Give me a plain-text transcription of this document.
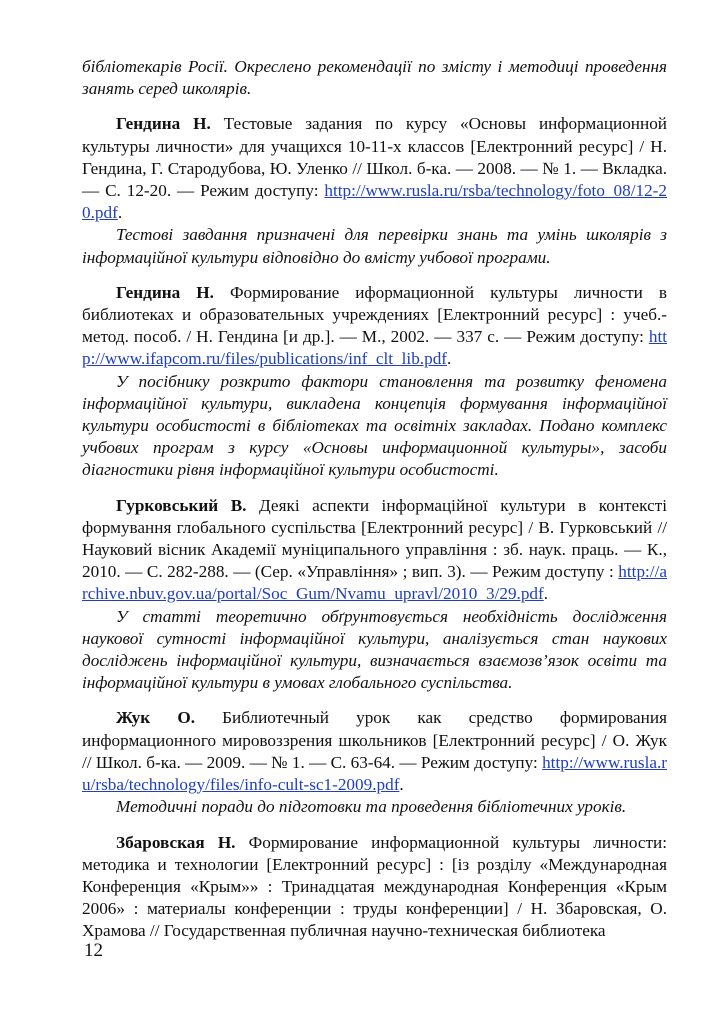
бібліотекарів Росії. Окреслено рекомендації по змісту і методиці проведення занять серед школярів.

Гендина Н. Тестовые задания по курсу «Основы информационной культуры личности» для учащихся 10-11-х классов [Електронний ресурс] / Н. Гендина, Г. Стародубова, Ю. Уленко // Школ. б-ка. — 2008. — № 1. — Вкладка. — С. 12-20. — Режим доступу: http://www.rusla.ru/rsba/technology/foto_08/12-20.pdf.

Тестові завдання призначені для перевірки знань та умінь школярів з інформаційної культури відповідно до вмісту учбової програми.

Гендина Н. Формирование иформационной культуры личности в библиотеках и образовательных учреждениях [Електронний ресурс] : учеб.-метод. пособ. / Н. Гендина [и др.]. — М., 2002. — 337 с. — Режим доступу: http://www.ifapcom.ru/files/publications/inf_clt_lib.pdf.

У посібнику розкрито фактори становлення та розвитку феномена інформаційної культури, викладена концепція формування інформаційної культури особистості в бібліотеках та освітніх закладах. Подано комплекс учбових програм з курсу «Основы информационной культуры», засоби діагностики рівня інформаційної культури особистості.

Гурковський В. Деякі аспекти інформаційної культури в контексті формування глобального суспільства [Електронний ресурс] / В. Гурковський // Науковий вісник Академії муніципального управління : зб. наук. праць. — К., 2010. — С. 282-288. — (Сер. «Управління» ; вип. 3). — Режим доступу : http://archive.nbuv.gov.ua/portal/Soc_Gum/Nvamu_upravl/2010_3/29.pdf.

У статті теоретично обґрунтовується необхідність дослідження наукової сутності інформаційної культури, аналізується стан наукових досліджень інформаційної культури, визначається взаємозв’язок освіти та інформаційної культури в умовах глобального суспільства.

Жук О. Библиотечный урок как средство формирования информационного мировоззрения школьников [Електронний ресурс] / О. Жук // Школ. б-ка. — 2009. — № 1. — С. 63-64. — Режим доступу: http://www.rusla.ru/rsba/technology/files/info-cult-sc1-2009.pdf.

Методичні поради до підготовки та проведення бібліотечних уроків.

Збаровская Н. Формирование информационной культуры личности: методика и технологии [Електронний ресурс] : [із розділу «Международная Конференция «Крым»» : Тринадцатая международная Конференция «Крым 2006» : материалы конференции : труды конференции] / Н. Збаровская, О. Храмова // Государственная публичная научно-техническая библиотека

12
